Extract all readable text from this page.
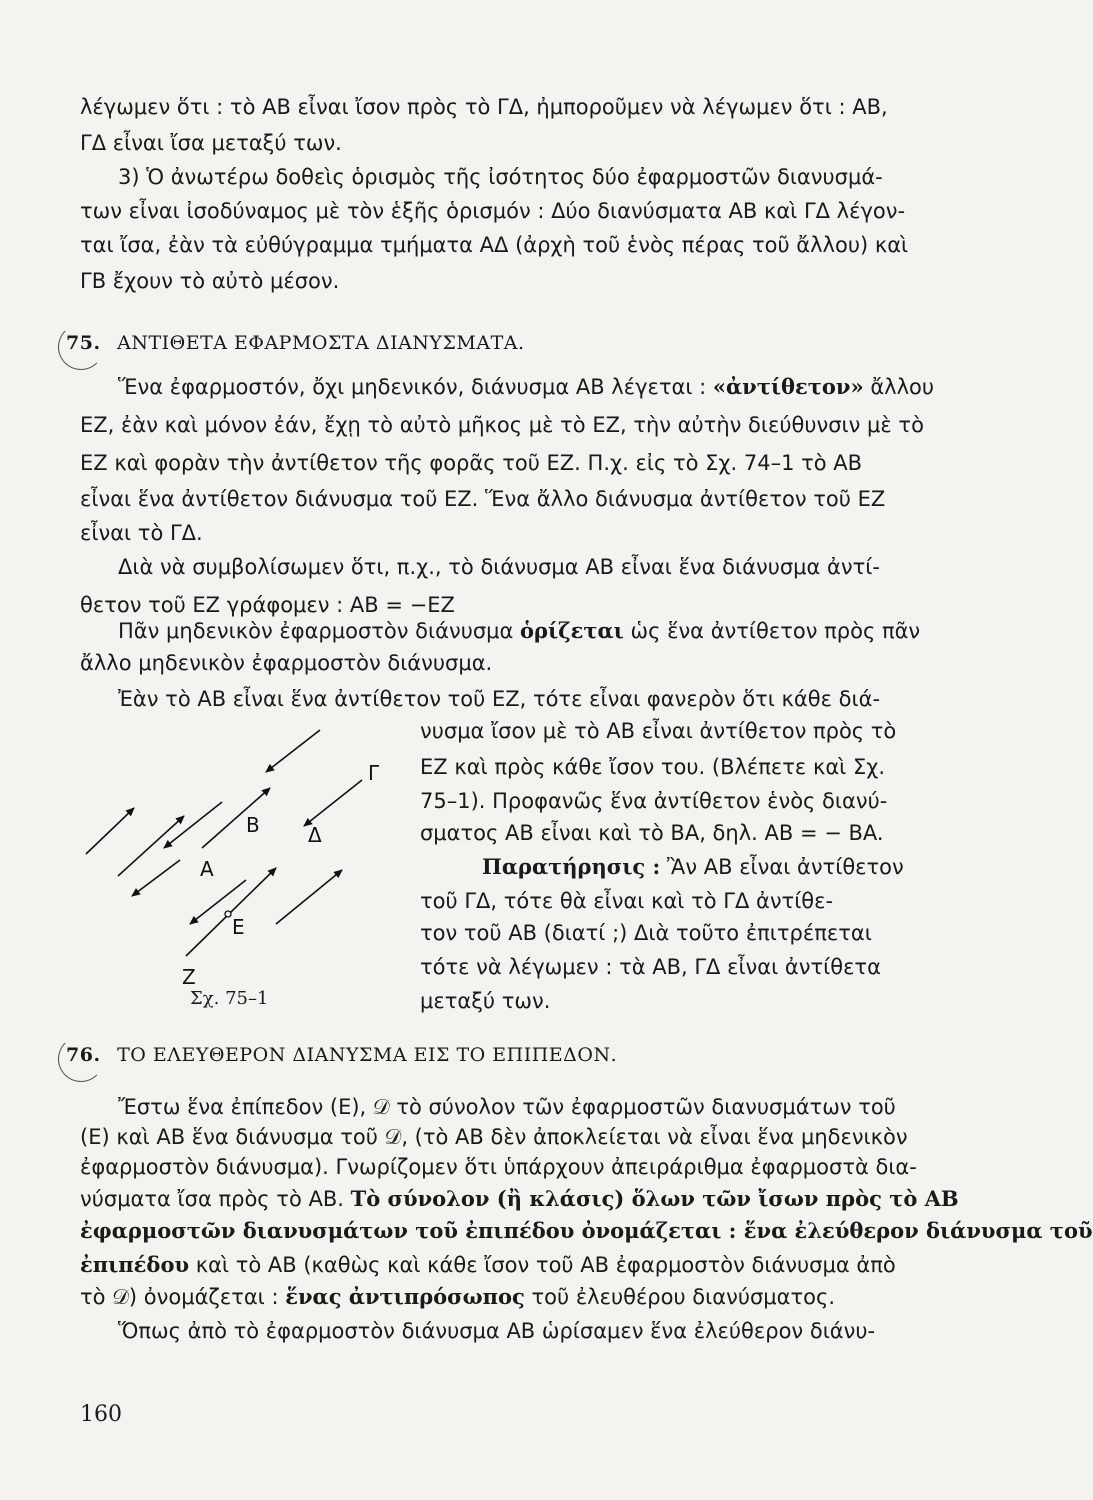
λέγωμεν ὅτι : τὸ AB εἶναι ἴσον πρὸς τὸ ΓΔ, ἠμποροῦμεν νὰ λέγωμεν ὅτι : AB,
ΓΔ εἶναι ἴσα μεταξύ των.
3) Ὁ ἀνωτέρω δοθεὶς ὁρισμὸς τῆς ἰσότητος δύο ἐφαρμοστῶν διανυσμά-
των εἶναι ἰσοδύναμος μὲ τὸν ἑξῆς ὁρισμόν : Δύο διανύσματα AB καὶ ΓΔ λέγον-
ται ἴσα, ἐὰν τὰ εὐθύγραμμα τμήματα AΔ (ἀρχὴ τοῦ ἑνὸς πέρας τοῦ ἄλλου) καὶ
ΓB ἔχουν τὸ αὐτὸ μέσον.
75. ΑΝΤΙΘΕΤΑ ΕΦΑΡΜΟΣΤΑ ΔΙΑΝΥΣΜΑΤΑ.
Ἕνα ἐφαρμοστόν, ὄχι μηδενικόν, διάνυσμα AB λέγεται : «ἀντίθετον» ἄλλου
EZ, ἐὰν καὶ μόνον ἐάν, ἔχῃ τὸ αὐτὸ μῆκος μὲ τὸ EZ, τὴν αὐτὴν διεύθυνσιν μὲ τὸ
EZ καὶ φορὰν τὴν ἀντίθετον τῆς φορᾶς τοῦ EZ. Π.χ. εἰς τὸ Σχ. 74–1 τὸ AB
εἶναι ἕνα ἀντίθετον διάνυσμα τοῦ EZ. Ἕνα ἄλλο διάνυσμα ἀντίθετον τοῦ EZ
εἶναι τὸ ΓΔ.
Διὰ νὰ συμβολίσωμεν ὅτι, π.χ., τὸ διάνυσμα AB εἶναι ἕνα διάνυσμα ἀντί-
θετον τοῦ EZ γράφομεν : AB = −EZ
Πᾶν μηδενικὸν ἐφαρμοστὸν διάνυσμα ὁρίζεται ὡς ἕνα ἀντίθετον πρὸς πᾶν
ἄλλο μηδενικὸν ἐφαρμοστὸν διάνυσμα.
Ἐὰν τὸ AB εἶναι ἕνα ἀντίθετον τοῦ EZ, τότε εἶναι φανερὸν ὅτι κάθε διά-
νυσμα ἴσον μὲ τὸ AB εἶναι ἀντίθετον πρὸς τὸ
EZ καὶ πρὸς κάθε ἴσον του. (Βλέπετε καὶ Σχ.
75–1). Προφανῶς ἕνα ἀντίθετον ἑνὸς διανύ-
σματος AB εἶναι καὶ τὸ BA, δηλ. AB = − BA.
Παρατήρησις : Ἂν AB εἶναι ἀντίθετον
τοῦ ΓΔ, τότε θὰ εἶναι καὶ τὸ ΓΔ ἀντίθε-
τον τοῦ AB (διατί ;) Διὰ τοῦτο ἐπιτρέπεται
τότε νὰ λέγωμεν : τὰ AB, ΓΔ εἶναι ἀντίθετα
μεταξύ των.
Γ
Β Δ
Α
Ε
Ζ
Σχ. 75–1
76. ΤΟ ΕΛΕΥΘΕΡΟΝ ΔΙΑΝΥΣΜΑ ΕΙΣ ΤΟ ΕΠΙΠΕΔΟΝ.
Ἔστω ἕνα ἐπίπεδον (E), 𝒟 τὸ σύνολον τῶν ἐφαρμοστῶν διανυσμάτων τοῦ
(E) καὶ AB ἕνα διάνυσμα τοῦ 𝒟, (τὸ AB δὲν ἀποκλείεται νὰ εἶναι ἕνα μηδενικὸν
ἐφαρμοστὸν διάνυσμα). Γνωρίζομεν ὅτι ὑπάρχουν ἀπειράριθμα ἐφαρμοστὰ δια-
νύσματα ἴσα πρὸς τὸ AB. Τὸ σύνολον (ἢ κλάσις) ὅλων τῶν ἴσων πρὸς τὸ AB
ἐφαρμοστῶν διανυσμάτων τοῦ ἐπιπέδου ὀνομάζεται : ἕνα ἐλεύθερον διάνυσμα τοῦ
ἐπιπέδου καὶ τὸ AB (καθὼς καὶ κάθε ἴσον τοῦ AB ἐφαρμοστὸν διάνυσμα ἀπὸ
τὸ 𝒟) ὀνομάζεται : ἕνας ἀντιπρόσωπος τοῦ ἐλευθέρου διανύσματος.
Ὅπως ἀπὸ τὸ ἐφαρμοστὸν διάνυσμα AB ὡρίσαμεν ἕνα ἐλεύθερον διάνυ-
160
